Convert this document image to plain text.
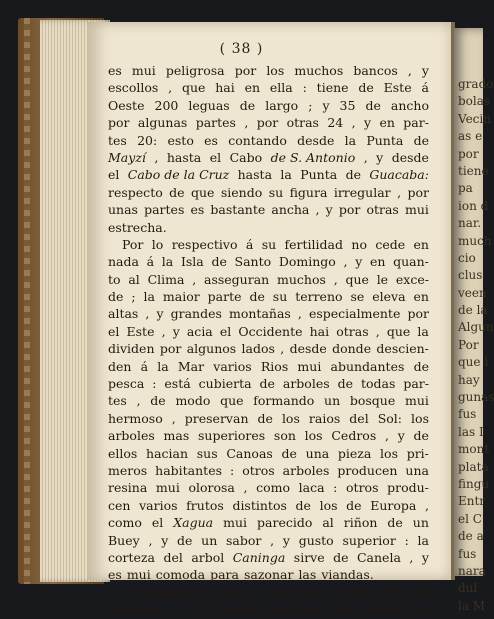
grado
bolas
Vecin
as e
por
tiene
pa
ion d
nar.
much
cio
clus
veen
de la
Algun
Por
que l
hay
gunas
fus
las I
mont
plata
fingu
Entr
el C
de a
fus
nara
dul
la M
( 38 )
es mui peligrosa por los muchos bancos , y
escollos , que hai en ella : tiene de Este á
Oeste 200 leguas de largo ; y 35 de ancho
por algunas partes , por otras 24 , y en par-
tes 20: esto es contando desde la Punta de
Mayzí , hasta el Cabo de S. Antonio , y desde
el Cabo de la Cruz hasta la Punta de Guacaba:
respecto de que siendo su figura irregular , por
unas partes es bastante ancha , y por otras mui
estrecha.
Por lo respectivo á su fertilidad no cede en
nada á la Isla de Santo Domingo , y en quan-
to al Clima , asseguran muchos , que le exce-
de ; la maior parte de su terreno se eleva en
altas , y grandes montañas , especialmente por
el Este , y acia el Occidente hai otras , que la
dividen por algunos lados , desde donde descien-
den á la Mar varios Rios mui abundantes de
pesca : está cubierta de arboles de todas par-
tes , de modo que formando un bosque mui
hermoso , preservan de los raios del Sol: los
arboles mas superiores son los Cedros , y de
ellos hacian sus Canoas de una pieza los pri-
meros habitantes : otros arboles producen una
resina mui olorosa , como laca : otros produ-
cen varios frutos distintos de los de Europa ,
como el Xagua mui parecido al riñon de un
Buey , y de un sabor , y gusto superior : la
corteza del arbol Caninga sirve de Canela , y
es mui comoda para sazonar las viandas.
El numero de aves , que hai en esta Isla es
excesivo , y la maior parte de una figura es-
